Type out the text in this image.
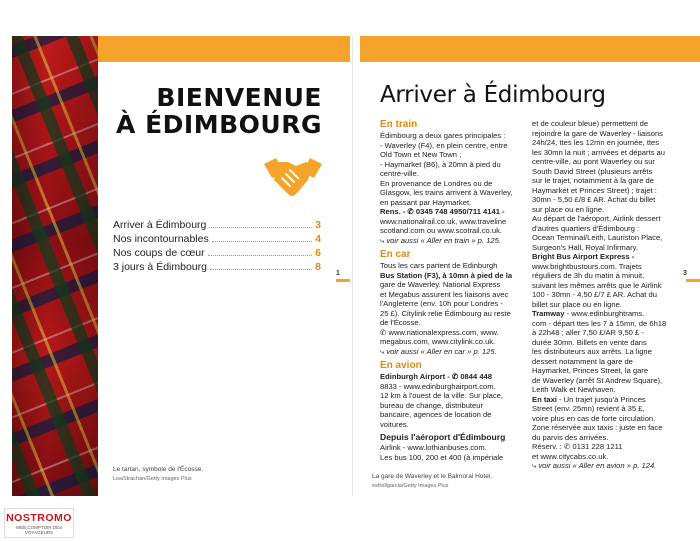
BIENVENUE
À ÉDIMBOURG
Arriver à Édimbourg	3
Nos incontournables	4
Nos coups de cœur	6
3 jours à Édimbourg	8
1
Le tartan, symbole de l'Écosse.
LisaStrachan/Getty Images Plus
NOSTROMO
WEB COMPTOIR DES VOYAGEURS
Arriver à Édimbourg
En train

Édimbourg a deux gares principales :

- Waverley (F4), en plein centre, entre

Old Town et New Town ;

- Haymarket (B6), à 20mn à pied du

centre-ville.

En provenance de Londres ou de

Glasgow, les trains arrivent à Waverley,

en passant par Haymarket.

Rens. - ✆ 0345 748 4950/711 4141 -

www.nationalrail.co.uk, www.traveline

scotland.com ou www.scotrail.co.uk.

⤷ voir aussi « Aller en train » p. 125.

En car

Tous les cars partent de Edinburgh

Bus Station (F3), à 10mn à pied de la

gare de Waverley. National Express

et Megabus assurent les liaisons avec

l'Angleterre (env. 10h pour Londres -

25 £). Citylink relie Édimbourg au reste

de l'Écosse.

✆ www.nationalexpress.com, www.

megabus.com, www.citylink.co.uk.

⤷ voir aussi « Aller en car » p. 125.

En avion

Edinburgh Airport - ✆ 0844 448

8833 - www.edinburghairport.com.

12 km à l'ouest de la ville. Sur place,

bureau de change, distributeur

bancaire, agences de location de

voitures.

Depuis l'aéroport d'Édimbourg

Airlink - www.lothianbuses.com.

Les bus 100, 200 et 400 (à impériale

et de couleur bleue) permettent de

rejoindre la gare de Waverley - liaisons

24h/24, ttes les 12mn en journée, ttes

les 30mn la nuit ; arrivées et départs au

centre-ville, au pont Waverley ou sur

South David Street (plusieurs arrêts

sur le trajet, notamment à la gare de

Haymarket et Princes Street) ; trajet :

30mn - 5,50 £/8 £ AR. Achat du billet

sur place ou en ligne.

Au départ de l'aéroport, Airlink dessert

d'autres quartiers d'Édimbourg :

Ocean Terminal/Leith, Lauriston Place,

Surgeon's Hall, Royal Infirmary.

Bright Bus Airport Express -

www.brightbustours.com. Trajets

réguliers de 3h du matin à minuit,

suivant les mêmes arrêts que le Airlink

100 - 30mn - 4,50 £/7 £ AR. Achat du

billet sur place ou en ligne.

Tramway - www.edinburghtrams.

com - départ ttes les 7 à 15mn, de 6h18

à 22h48 ; aller 7,50 £/AR 9,50 £ -

durée 30mn. Billets en vente dans

les distributeurs aux arrêts. La ligne

dessert notamment la gare de

Haymarket, Princes Street, la gare

de Waverley (arrêt St Andrew Square),

Leith Walk et Newhaven.

En taxi - Un trajet jusqu'à Princes

Street (env. 25mn) revient à 35 £,

voire plus en cas de forte circulation.

Zone réservée aux taxis : juste en face

du parvis des arrivées.

Réserv. : ✆ 0131 228 1211

et www.citycabs.co.uk.

⤷ voir aussi « Aller en avion » p. 124.

3
La gare de Waverley et le Balmoral Hotel.
estivillgarcia/Getty Images Plus
